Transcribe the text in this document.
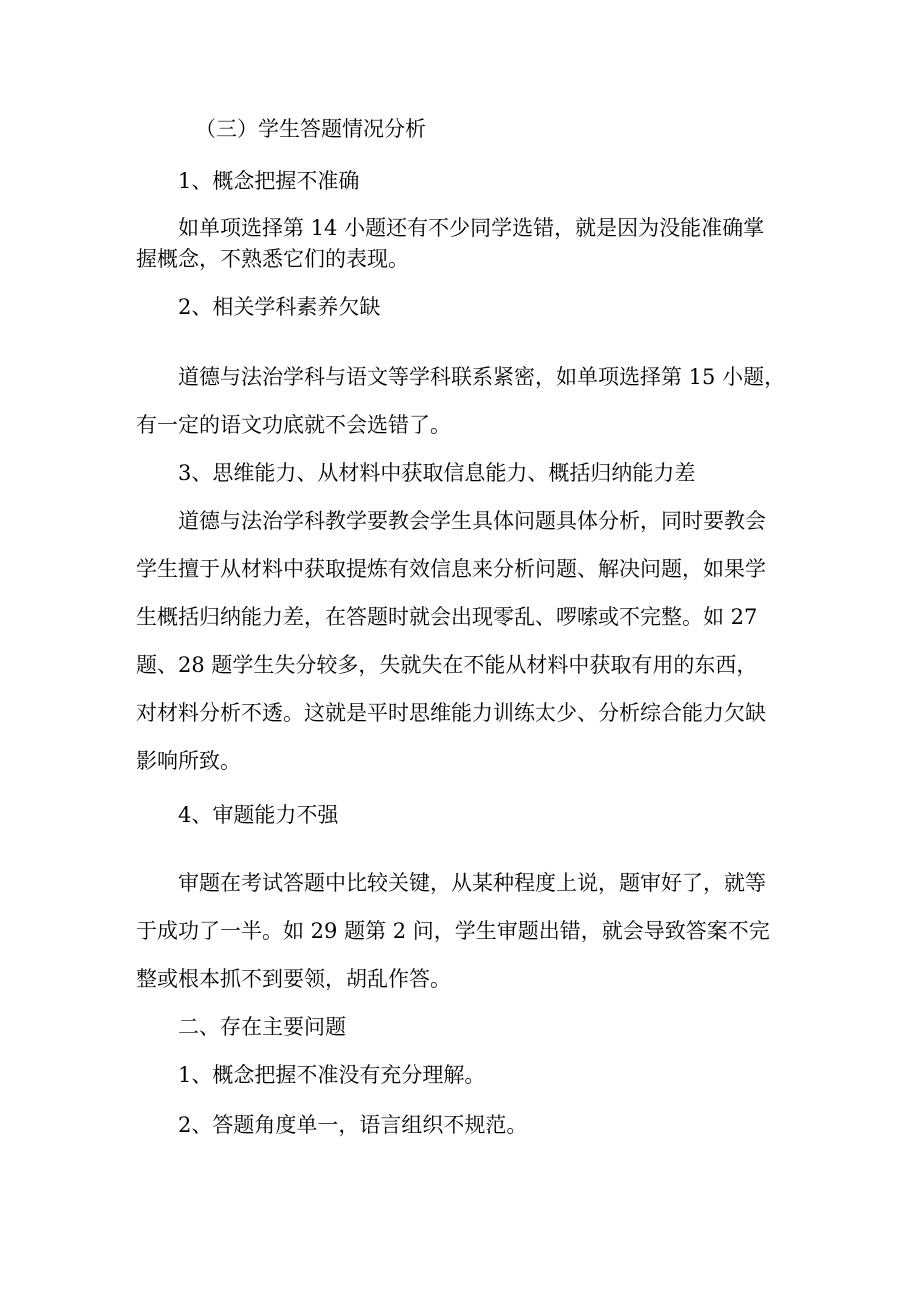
（三）学生答题情况分析

1、概念把握不准确

如单项选择第 14 小题还有不少同学选错，就是因为没能准确掌

握概念，不熟悉它们的表现。

2、相关学科素养欠缺

道德与法治学科与语文等学科联系紧密，如单项选择第 15 小题，

有一定的语文功底就不会选错了。

3、思维能力、从材料中获取信息能力、概括归纳能力差

道德与法治学科教学要教会学生具体问题具体分析，同时要教会

学生擅于从材料中获取提炼有效信息来分析问题、解决问题，如果学

生概括归纳能力差，在答题时就会出现零乱、啰嗦或不完整。如 27

题、28 题学生失分较多，失就失在不能从材料中获取有用的东西，

对材料分析不透。这就是平时思维能力训练太少、分析综合能力欠缺

影响所致。

4、审题能力不强

审题在考试答题中比较关键，从某种程度上说，题审好了，就等

于成功了一半。如 29 题第 2 问，学生审题出错，就会导致答案不完

整或根本抓不到要领，胡乱作答。

二、存在主要问题

1、概念把握不准没有充分理解。

2、答题角度单一，语言组织不规范。
